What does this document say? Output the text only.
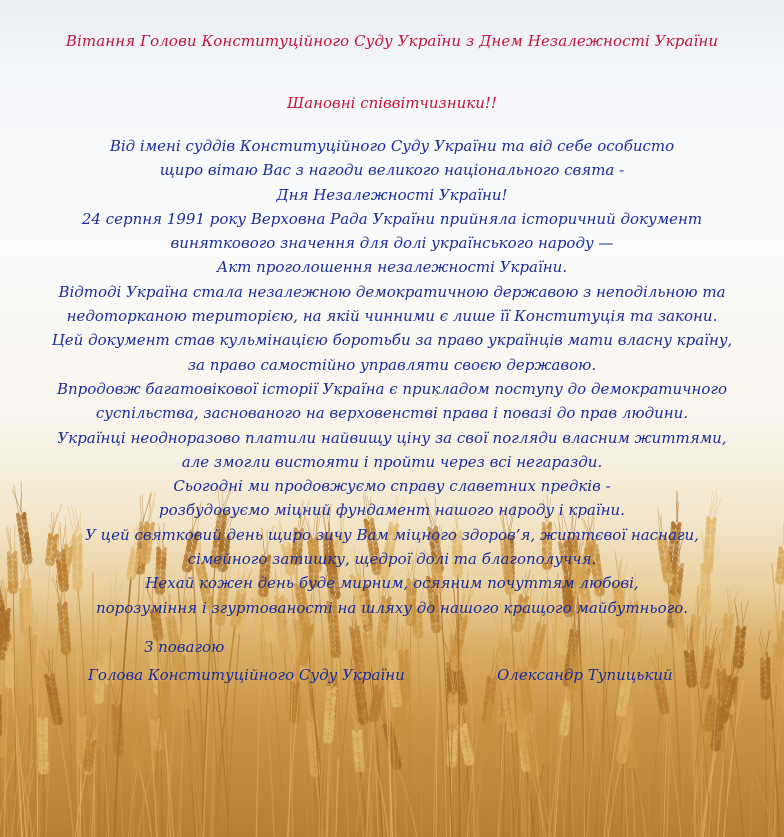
Вітання Голови Конституційного Суду України з Днем Незалежності України
Шановні співвітчизники!!
Від імені суддів Конституційного Суду України та від себе особисто
щиро вітаю Вас з нагоди великого національного свята -
Дня Незалежності України!
24 серпня 1991 року Верховна Рада України прийняла історичний документ
виняткового значення для долі українського народу —
Акт проголошення незалежності України.
Відтоді Україна стала незалежною демократичною державою з неподільною та
недоторканою територією, на якій чинними є лише її Конституція та закони.
Цей документ став кульмінацією боротьби за право українців мати власну країну,
за право самостійно управляти своєю державою.
Впродовж багатовікової історії Україна є прикладом поступу до демократичного
суспільства, заснованого на верховенстві права і повазі до прав людини.
Українці неодноразово платили найвищу ціну за свої погляди власним життями,
але змогли вистояти і пройти через всі негаразди.
Сьогодні ми продовжуємо справу славетних предків -
розбудовуємо міцний фундамент нашого народу і країни.
У цей святковий день щиро зичу Вам міцного здоров’я, життєвої наснаги,
сімейного затишку, щедрої долі та благополуччя.
Нехай кожен день буде мирним, осяяним почуттям любові,
порозуміння і згуртованості на шляху до нашого кращого майбутнього.
З повагою
Голова Конституційного Суду України	Олександр Тупицький
